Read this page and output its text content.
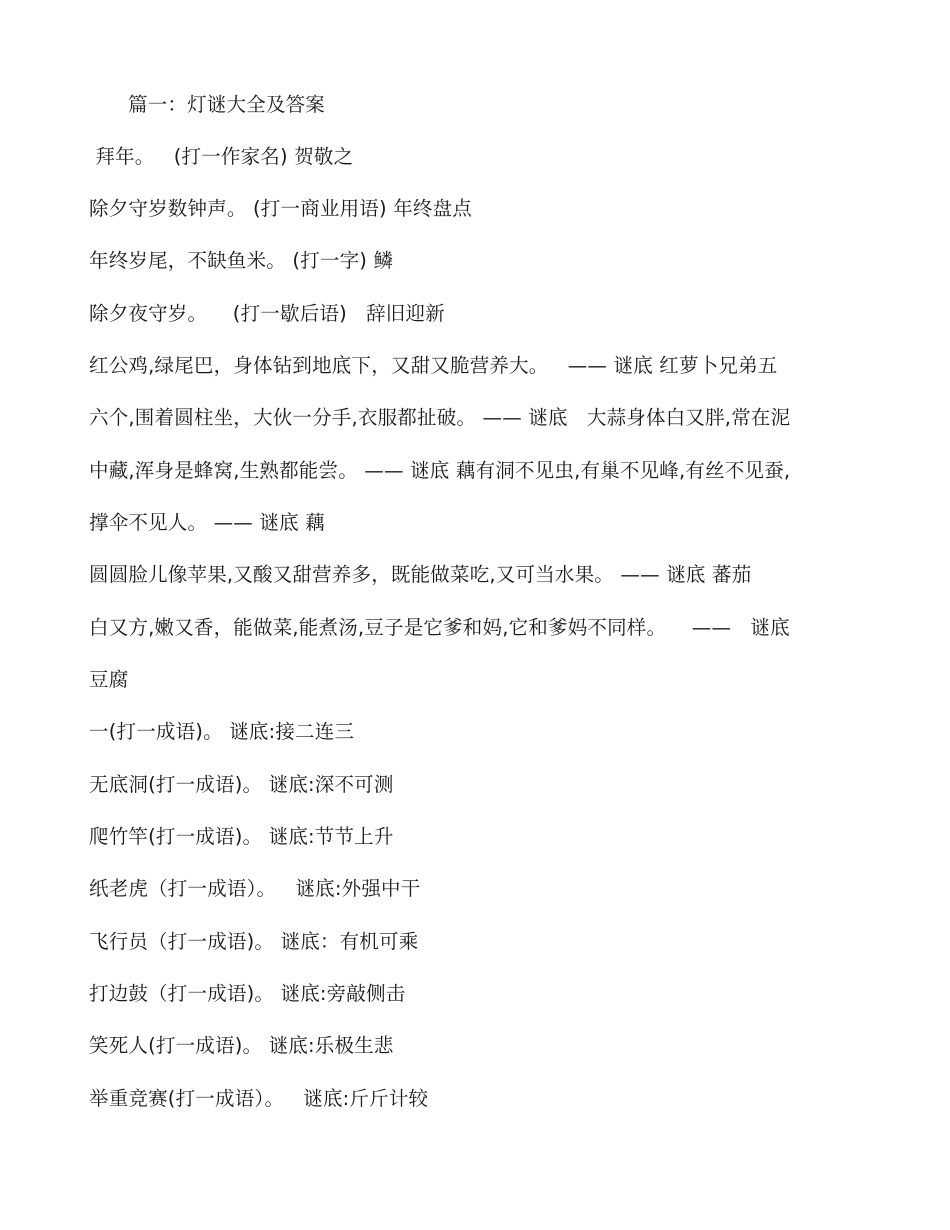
篇一：灯谜大全及答案
拜年。   (打一作家名) 贺敬之
除夕守岁数钟声。 (打一商业用语) 年终盘点
年终岁尾，不缺鱼米。 (打一字) 鳞
除夕夜守岁。    (打一歇后语)   辞旧迎新
红公鸡,绿尾巴，身体钻到地底下，又甜又脆营养大。   —— 谜底 红萝卜兄弟五
六个,围着圆柱坐，大伙一分手,衣服都扯破。 —— 谜底   大蒜身体白又胖,常在泥
中藏,浑身是蜂窝,生熟都能尝。 —— 谜底 藕有洞不见虫,有巢不见峰,有丝不见蚕,
撑伞不见人。 —— 谜底 藕
圆圆脸儿像苹果,又酸又甜营养多，既能做菜吃,又可当水果。 —— 谜底 蕃茄
白又方,嫩又香，能做菜,能煮汤,豆子是它爹和妈,它和爹妈不同样。    ——   谜底
豆腐
一(打一成语)。 谜底:接二连三
无底洞(打一成语)。 谜底:深不可测
爬竹竿(打一成语)。 谜底:节节上升
纸老虎（打一成语）。   谜底:外强中干
飞行员（打一成语)。 谜底：有机可乘
打边鼓（打一成语)。 谜底:旁敲侧击
笑死人(打一成语)。 谜底:乐极生悲
举重竞赛(打一成语）。   谜底:斤斤计较
